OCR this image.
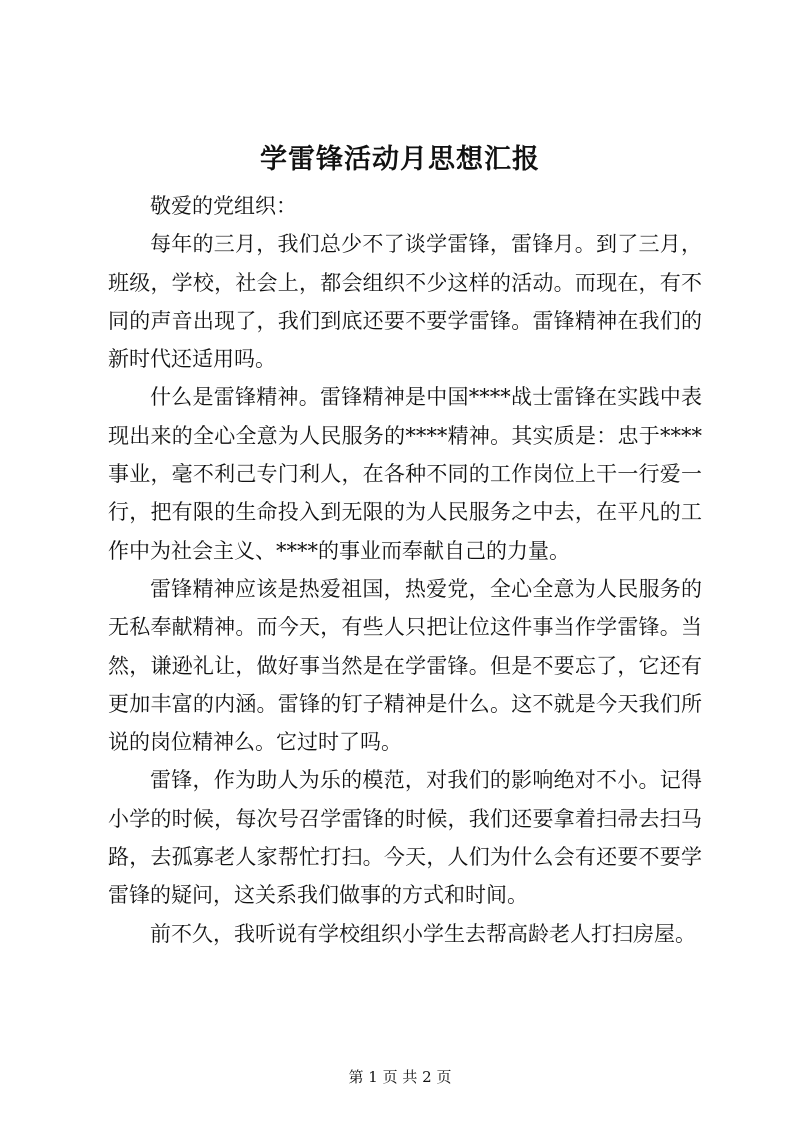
学雷锋活动月思想汇报

敬爱的党组织：

每年的三月，我们总少不了谈学雷锋，雷锋月。到了三月，班级，学校，社会上，都会组织不少这样的活动。而现在，有不同的声音出现了，我们到底还要不要学雷锋。雷锋精神在我们的新时代还适用吗。

什么是雷锋精神。雷锋精神是中国****战士雷锋在实践中表现出来的全心全意为人民服务的****精神。其实质是：忠于****事业，毫不利己专门利人，在各种不同的工作岗位上干一行爱一行，把有限的生命投入到无限的为人民服务之中去，在平凡的工作中为社会主义、****的事业而奉献自己的力量。

雷锋精神应该是热爱祖国，热爱党，全心全意为人民服务的无私奉献精神。而今天，有些人只把让位这件事当作学雷锋。当然，谦逊礼让，做好事当然是在学雷锋。但是不要忘了，它还有更加丰富的内涵。雷锋的钉子精神是什么。这不就是今天我们所说的岗位精神么。它过时了吗。

雷锋，作为助人为乐的模范，对我们的影响绝对不小。记得小学的时候，每次号召学雷锋的时候，我们还要拿着扫帚去扫马路，去孤寡老人家帮忙打扫。今天，人们为什么会有还要不要学雷锋的疑问，这关系我们做事的方式和时间。

前不久，我听说有学校组织小学生去帮高龄老人打扫房屋。

第 1 页 共 2 页
